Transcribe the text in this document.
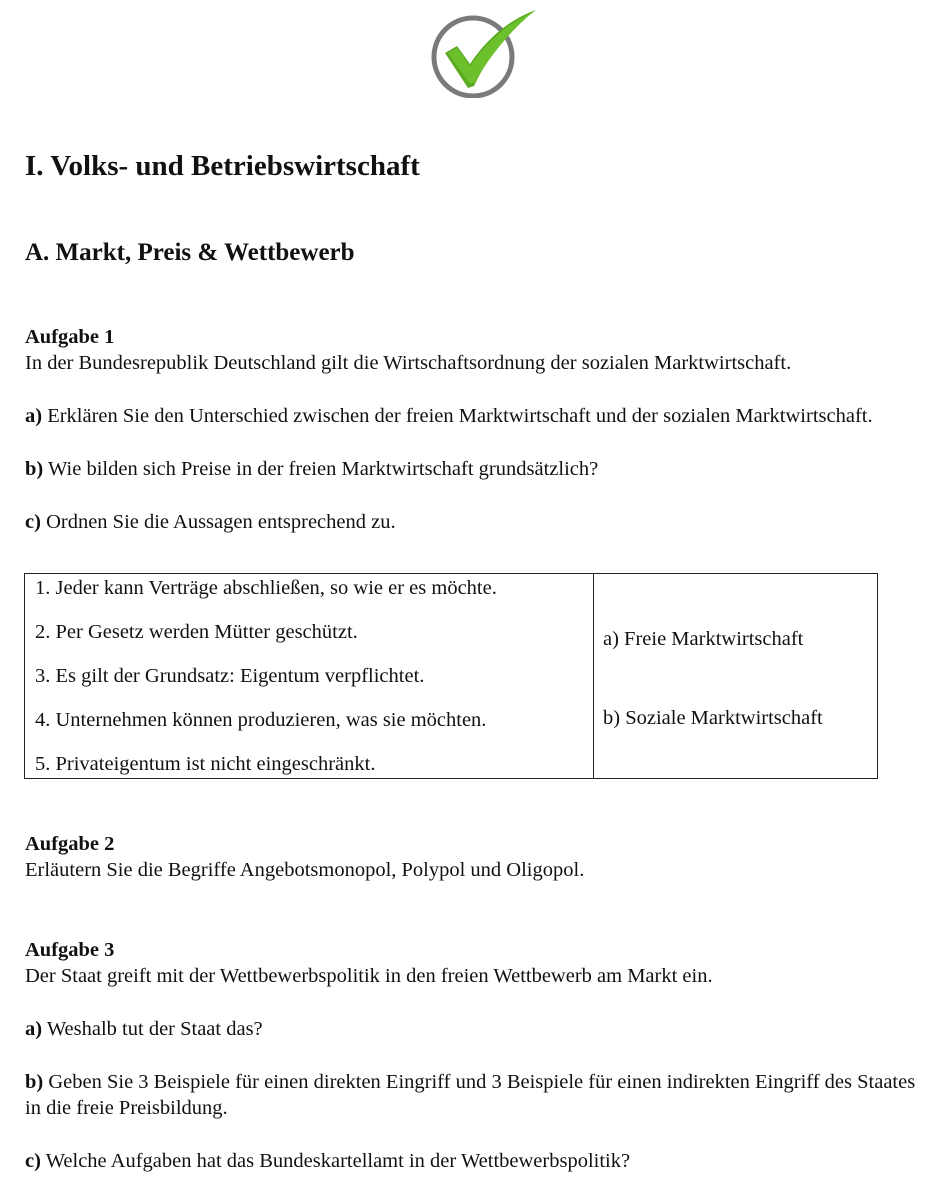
I. Volks- und Betriebswirtschaft
A. Markt, Preis & Wettbewerb
Aufgabe 1
In der Bundesrepublik Deutschland gilt die Wirtschaftsordnung der sozialen Marktwirtschaft.
a) Erklären Sie den Unterschied zwischen der freien Marktwirtschaft und der sozialen Marktwirtschaft.
b) Wie bilden sich Preise in der freien Marktwirtschaft grundsätzlich?
c) Ordnen Sie die Aussagen entsprechend zu.
1. Jeder kann Verträge abschließen, so wie er es möchte.
2. Per Gesetz werden Mütter geschützt.
3. Es gilt der Grundsatz: Eigentum verpflichtet.
4. Unternehmen können produzieren, was sie möchten.
5. Privateigentum ist nicht eingeschränkt.

a) Freie Marktwirtschaft
b) Soziale Marktwirtschaft
Aufgabe 2
Erläutern Sie die Begriffe Angebotsmonopol, Polypol und Oligopol.
Aufgabe 3
Der Staat greift mit der Wettbewerbspolitik in den freien Wettbewerb am Markt ein.
a) Weshalb tut der Staat das?
b) Geben Sie 3 Beispiele für einen direkten Eingriff und 3 Beispiele für einen indirekten Eingriff des Staates in die freie Preisbildung.
c) Welche Aufgaben hat das Bundeskartellamt in der Wettbewerbspolitik?
